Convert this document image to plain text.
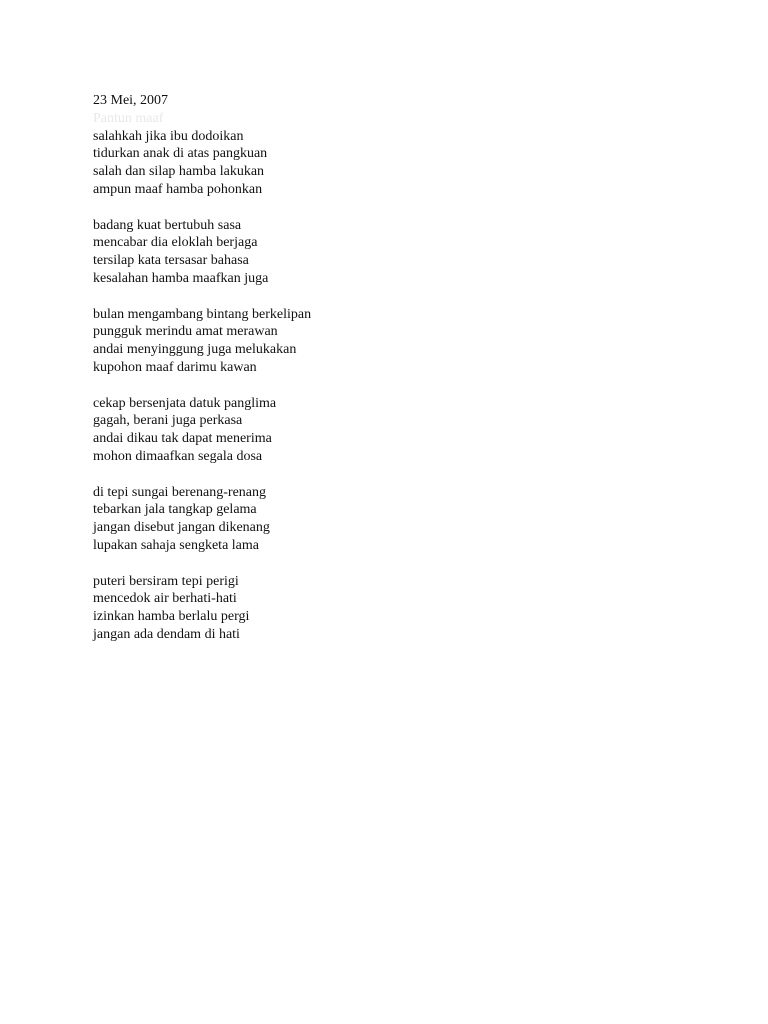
23 Mei, 2007
Pantun maaf
salahkah jika ibu dodoikan
tidurkan anak di atas pangkuan
salah dan silap hamba lakukan
ampun maaf hamba pohonkan
badang kuat bertubuh sasa
mencabar dia eloklah berjaga
tersilap kata tersasar bahasa
kesalahan hamba maafkan juga
bulan mengambang bintang berkelipan
pungguk merindu amat merawan
andai menyinggung juga melukakan
kupohon maaf darimu kawan
cekap bersenjata datuk panglima
gagah, berani juga perkasa
andai dikau tak dapat menerima
mohon dimaafkan segala dosa
di tepi sungai berenang-renang
tebarkan jala tangkap gelama
jangan disebut jangan dikenang
lupakan sahaja sengketa lama
puteri bersiram tepi perigi
mencedok air berhati-hati
izinkan hamba berlalu pergi
jangan ada dendam di hati
